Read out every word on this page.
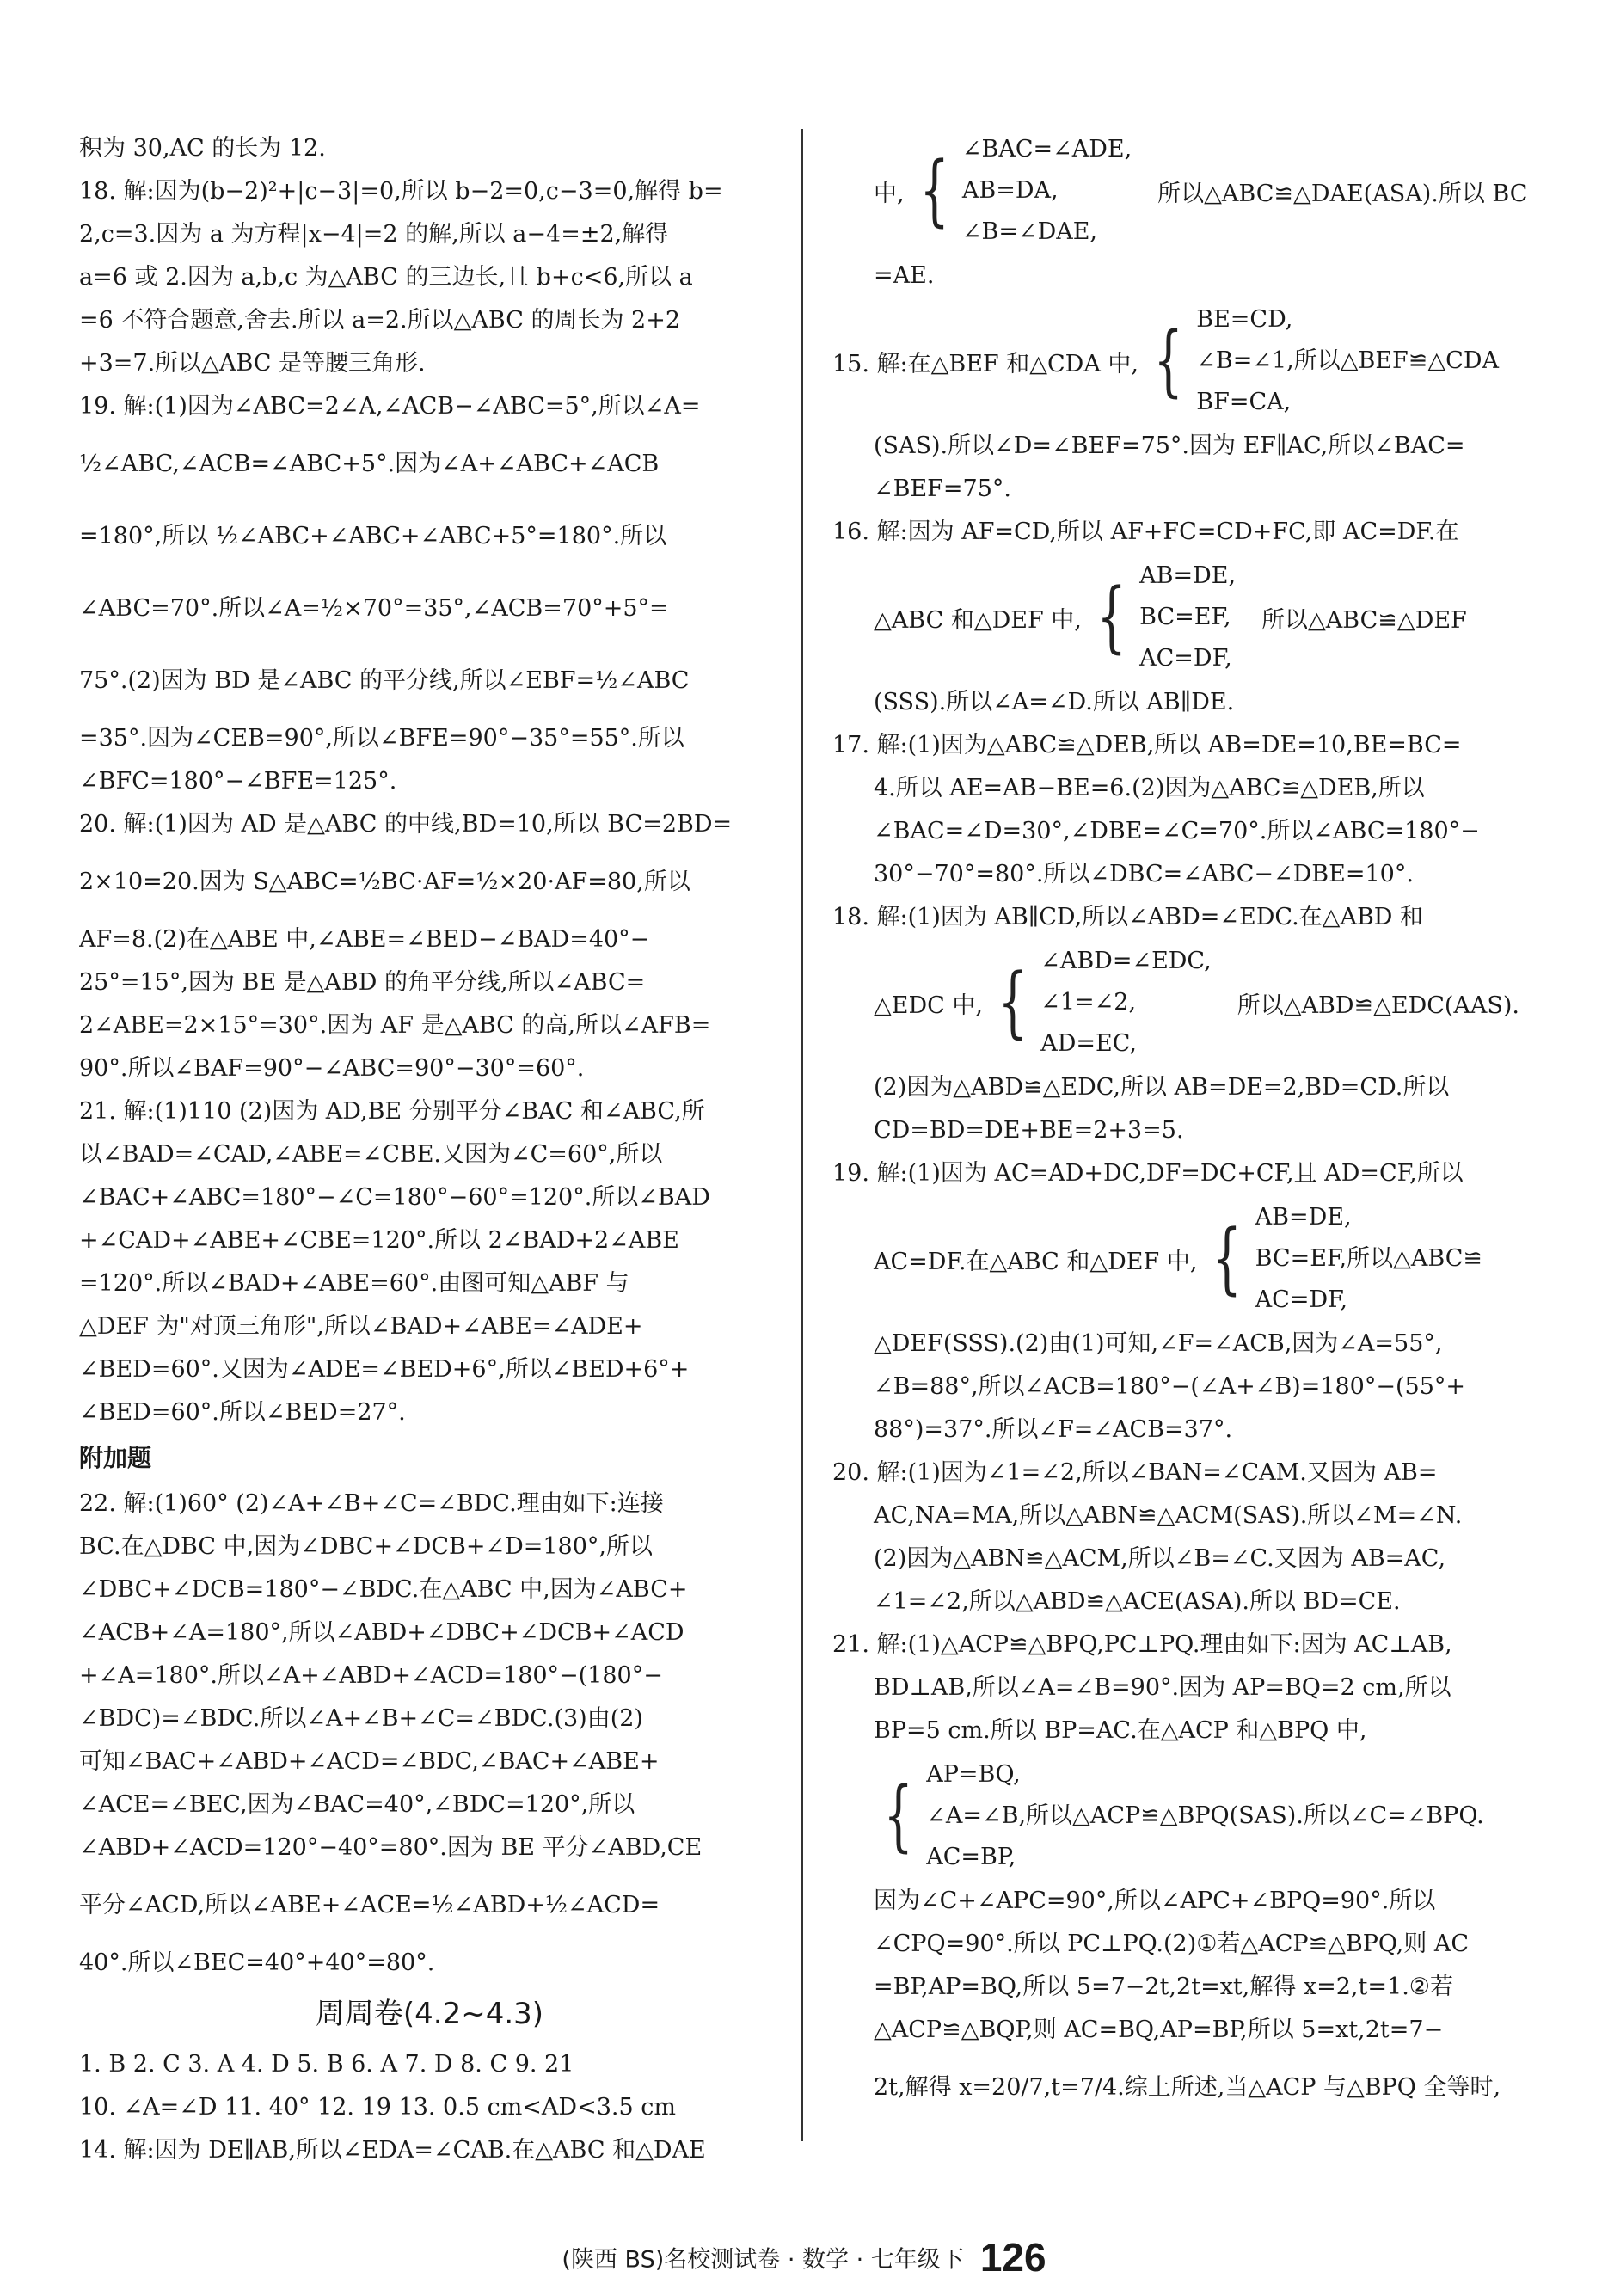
积为 30,AC 的长为 12.
18. 解:因为(b−2)²+|c−3|=0,所以 b−2=0,c−3=0,解得 b=
2,c=3.因为 a 为方程|x−4|=2 的解,所以 a−4=±2,解得
a=6 或 2.因为 a,b,c 为△ABC 的三边长,且 b+c<6,所以 a
=6 不符合题意,舍去.所以 a=2.所以△ABC 的周长为 2+2
+3=7.所以△ABC 是等腰三角形.
19. 解:(1)因为∠ABC=2∠A,∠ACB−∠ABC=5°,所以∠A=
½∠ABC,∠ACB=∠ABC+5°.因为∠A+∠ABC+∠ACB
=180°,所以 ½∠ABC+∠ABC+∠ABC+5°=180°.所以
∠ABC=70°.所以∠A=½×70°=35°,∠ACB=70°+5°=
75°.(2)因为 BD 是∠ABC 的平分线,所以∠EBF=½∠ABC
=35°.因为∠CEB=90°,所以∠BFE=90°−35°=55°.所以
∠BFC=180°−∠BFE=125°.
20. 解:(1)因为 AD 是△ABC 的中线,BD=10,所以 BC=2BD=
2×10=20.因为 S△ABC=½BC·AF=½×20·AF=80,所以
AF=8.(2)在△ABE 中,∠ABE=∠BED−∠BAD=40°−
25°=15°,因为 BE 是△ABD 的角平分线,所以∠ABC=
2∠ABE=2×15°=30°.因为 AF 是△ABC 的高,所以∠AFB=
90°.所以∠BAF=90°−∠ABC=90°−30°=60°.
21. 解:(1)110 (2)因为 AD,BE 分别平分∠BAC 和∠ABC,所
以∠BAD=∠CAD,∠ABE=∠CBE.又因为∠C=60°,所以
∠BAC+∠ABC=180°−∠C=180°−60°=120°.所以∠BAD
+∠CAD+∠ABE+∠CBE=120°.所以 2∠BAD+2∠ABE
=120°.所以∠BAD+∠ABE=60°.由图可知△ABF 与
△DEF 为"对顶三角形",所以∠BAD+∠ABE=∠ADE+
∠BED=60°.又因为∠ADE=∠BED+6°,所以∠BED+6°+
∠BED=60°.所以∠BED=27°.
附加题
22. 解:(1)60° (2)∠A+∠B+∠C=∠BDC.理由如下:连接
BC.在△DBC 中,因为∠DBC+∠DCB+∠D=180°,所以
∠DBC+∠DCB=180°−∠BDC.在△ABC 中,因为∠ABC+
∠ACB+∠A=180°,所以∠ABD+∠DBC+∠DCB+∠ACD
+∠A=180°.所以∠A+∠ABD+∠ACD=180°−(180°−
∠BDC)=∠BDC.所以∠A+∠B+∠C=∠BDC.(3)由(2)
可知∠BAC+∠ABD+∠ACD=∠BDC,∠BAC+∠ABE+
∠ACE=∠BEC,因为∠BAC=40°,∠BDC=120°,所以
∠ABD+∠ACD=120°−40°=80°.因为 BE 平分∠ABD,CE
平分∠ACD,所以∠ABE+∠ACE=½∠ABD+½∠ACD=
40°.所以∠BEC=40°+40°=80°.
周周卷(4.2~4.3)
1. B 2. C 3. A 4. D 5. B 6. A 7. D 8. C 9. 21
10. ∠A=∠D 11. 40° 12. 19 13. 0.5 cm<AD<3.5 cm
14. 解:因为 DE∥AB,所以∠EDA=∠CAB.在△ABC 和△DAE
中, { ∠BAC=∠ADE,
AB=DA,
∠B=∠DAE,
所以△ABC≌△DAE(ASA).所以 BC
=AE.
15. 解:在△BEF 和△CDA 中, { BE=CD,
∠B=∠1,所以△BEF≌△CDA
BF=CA,
(SAS).所以∠D=∠BEF=75°.因为 EF∥AC,所以∠BAC=
∠BEF=75°.
16. 解:因为 AF=CD,所以 AF+FC=CD+FC,即 AC=DF.在
△ABC 和△DEF 中, { AB=DE,
BC=EF,
AC=DF,
所以△ABC≌△DEF
(SSS).所以∠A=∠D.所以 AB∥DE.
17. 解:(1)因为△ABC≌△DEB,所以 AB=DE=10,BE=BC=
4.所以 AE=AB−BE=6.(2)因为△ABC≌△DEB,所以
∠BAC=∠D=30°,∠DBE=∠C=70°.所以∠ABC=180°−
30°−70°=80°.所以∠DBC=∠ABC−∠DBE=10°.
18. 解:(1)因为 AB∥CD,所以∠ABD=∠EDC.在△ABD 和
△EDC 中, { ∠ABD=∠EDC,
∠1=∠2,
AD=EC,
所以△ABD≌△EDC(AAS).
(2)因为△ABD≌△EDC,所以 AB=DE=2,BD=CD.所以
CD=BD=DE+BE=2+3=5.
19. 解:(1)因为 AC=AD+DC,DF=DC+CF,且 AD=CF,所以
AC=DF.在△ABC 和△DEF 中, { AB=DE,
BC=EF,所以△ABC≌
AC=DF,
△DEF(SSS).(2)由(1)可知,∠F=∠ACB,因为∠A=55°,
∠B=88°,所以∠ACB=180°−(∠A+∠B)=180°−(55°+
88°)=37°.所以∠F=∠ACB=37°.
20. 解:(1)因为∠1=∠2,所以∠BAN=∠CAM.又因为 AB=
AC,NA=MA,所以△ABN≌△ACM(SAS).所以∠M=∠N.
(2)因为△ABN≌△ACM,所以∠B=∠C.又因为 AB=AC,
∠1=∠2,所以△ABD≌△ACE(ASA).所以 BD=CE.
21. 解:(1)△ACP≌△BPQ,PC⊥PQ.理由如下:因为 AC⊥AB,
BD⊥AB,所以∠A=∠B=90°.因为 AP=BQ=2 cm,所以
BP=5 cm.所以 BP=AC.在△ACP 和△BPQ 中,
{ AP=BQ,
∠A=∠B,所以△ACP≌△BPQ(SAS).所以∠C=∠BPQ.
AC=BP,
因为∠C+∠APC=90°,所以∠APC+∠BPQ=90°.所以
∠CPQ=90°.所以 PC⊥PQ.(2)①若△ACP≌△BPQ,则 AC
=BP,AP=BQ,所以 5=7−2t,2t=xt,解得 x=2,t=1.②若
△ACP≌△BQP,则 AC=BQ,AP=BP,所以 5=xt,2t=7−
2t,解得 x=20/7,t=7/4.综上所述,当△ACP 与△BPQ 全等时,
(陕西 BS)名校测试卷 · 数学 · 七年级下 126
